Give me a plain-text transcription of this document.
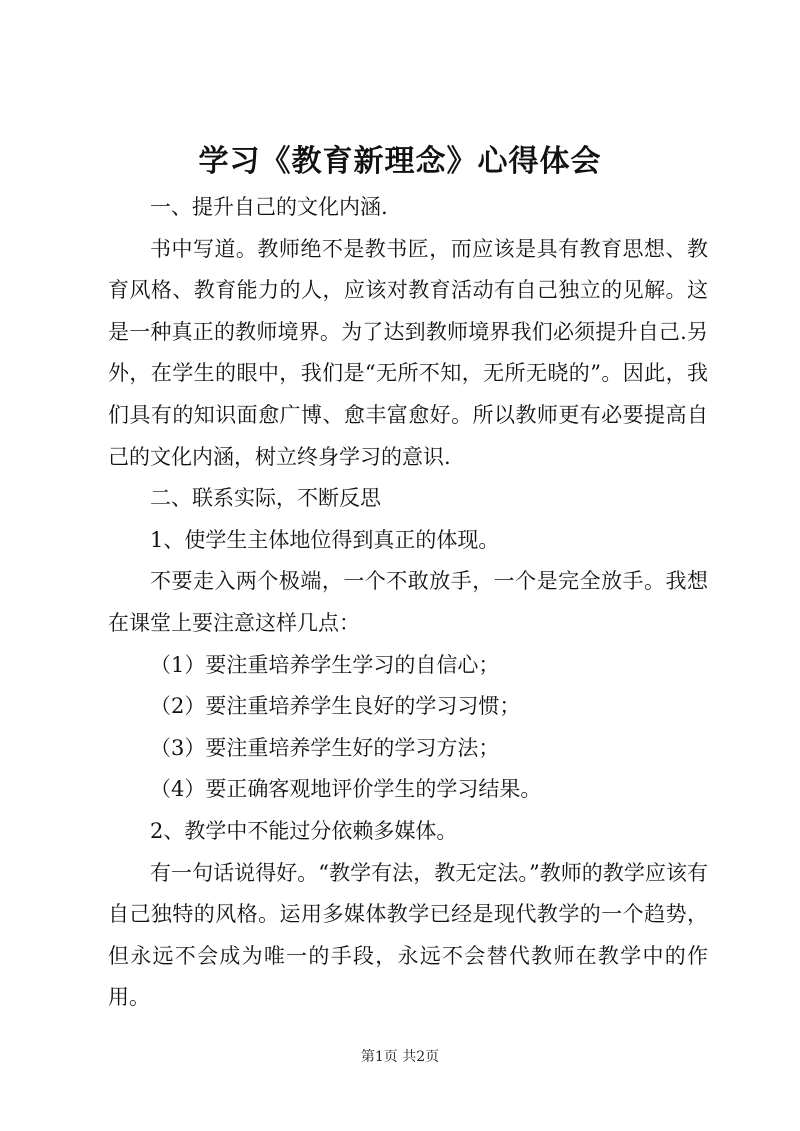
学习《教育新理念》心得体会

一、提升自己的文化内涵.

书中写道。教师绝不是教书匠，而应该是具有教育思想、教育风格、教育能力的人，应该对教育活动有自己独立的见解。这是一种真正的教师境界。为了达到教师境界我们必须提升自己.另外，在学生的眼中，我们是“无所不知，无所无晓的”。因此，我们具有的知识面愈广博、愈丰富愈好。所以教师更有必要提高自己的文化内涵，树立终身学习的意识.

二、联系实际，不断反思

1、使学生主体地位得到真正的体现。

不要走入两个极端，一个不敢放手，一个是完全放手。我想在课堂上要注意这样几点：

（1）要注重培养学生学习的自信心；

（2）要注重培养学生良好的学习习惯；

（3）要注重培养学生好的学习方法；

（4）要正确客观地评价学生的学习结果。

2、教学中不能过分依赖多媒体。

有一句话说得好。“教学有法，教无定法。”教师的教学应该有自己独特的风格。运用多媒体教学已经是现代教学的一个趋势，但永远不会成为唯一的手段，永远不会替代教师在教学中的作用。

第1页 共2页
